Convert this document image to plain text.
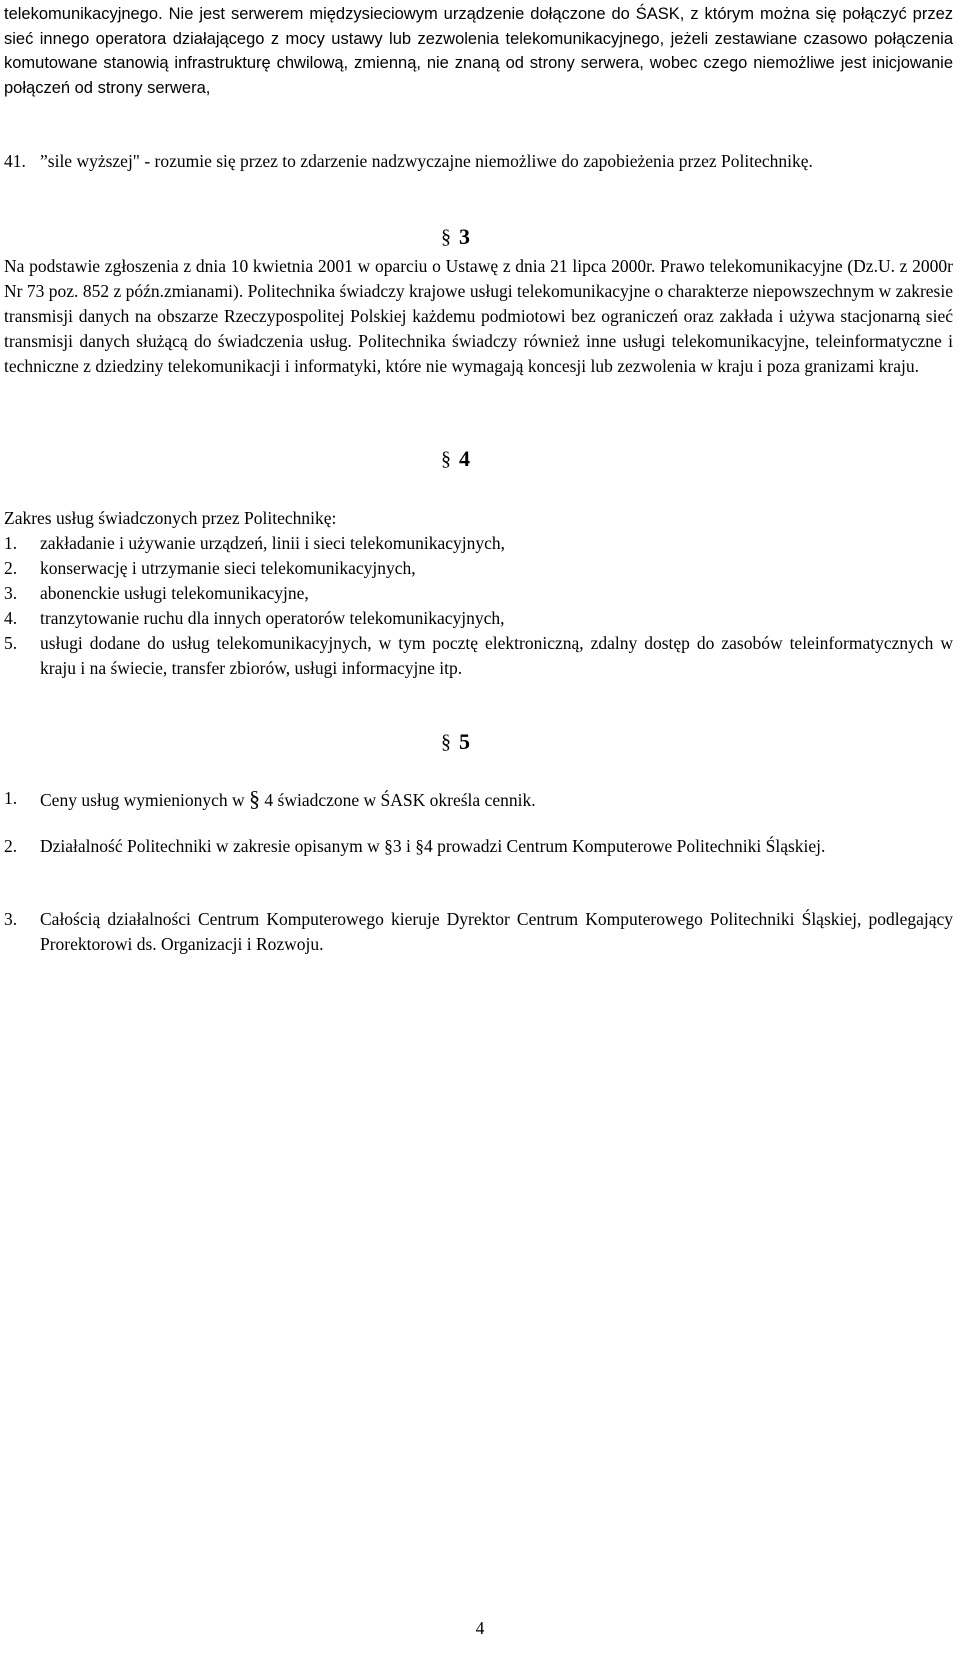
telekomunikacyjnego. Nie jest serwerem międzysieciowym urządzenie dołączone do ŚASK, z którym można się połączyć przez sieć innego operatora działającego z mocy ustawy lub zezwolenia telekomunikacyjnego, jeżeli zestawiane czasowo połączenia komutowane stanowią infrastrukturę chwilową, zmienną, nie znaną od strony serwera, wobec czego niemożliwe jest inicjowanie połączeń od strony serwera,
41. ”sile wyższej" - rozumie się przez to zdarzenie nadzwyczajne niemożliwe do zapobieżenia przez Politechnikę.
§ 3
Na podstawie zgłoszenia z dnia 10 kwietnia 2001 w oparciu o Ustawę z dnia 21 lipca 2000r. Prawo telekomunikacyjne (Dz.U. z 2000r Nr 73 poz. 852 z późn.zmianami). Politechnika świadczy krajowe usługi telekomunikacyjne o charakterze niepowszechnym w zakresie transmisji danych na obszarze Rzeczypospolitej Polskiej każdemu podmiotowi bez ograniczeń oraz zakłada i używa stacjonarną sieć transmisji danych służącą do świadczenia usług. Politechnika świadczy również inne usługi telekomunikacyjne, teleinformatyczne i techniczne z dziedziny telekomunikacji i informatyki, które nie wymagają koncesji lub zezwolenia w kraju i poza granizami kraju.
§ 4
Zakres usług świadczonych przez Politechnikę:
1.	zakładanie i używanie urządzeń, linii i sieci telekomunikacyjnych,
2.	konserwację i utrzymanie sieci telekomunikacyjnych,
3.	abonenckie usługi telekomunikacyjne,
4.	tranzytowanie ruchu dla innych operatorów telekomunikacyjnych,
5.	usługi dodane do usług telekomunikacyjnych, w tym pocztę elektroniczną, zdalny dostęp do zasobów teleinformatycznych w kraju i na świecie, transfer zbiorów, usługi informacyjne itp.
§ 5
1.	Ceny usług wymienionych w § 4 świadczone w ŚASK określa cennik.
2.	Działalność Politechniki w zakresie opisanym w §3 i §4 prowadzi Centrum Komputerowe Politechniki Śląskiej.
3.	Całością działalności Centrum Komputerowego kieruje Dyrektor Centrum Komputerowego Politechniki Śląskiej, podlegający Prorektorowi ds. Organizacji i Rozwoju.
4
